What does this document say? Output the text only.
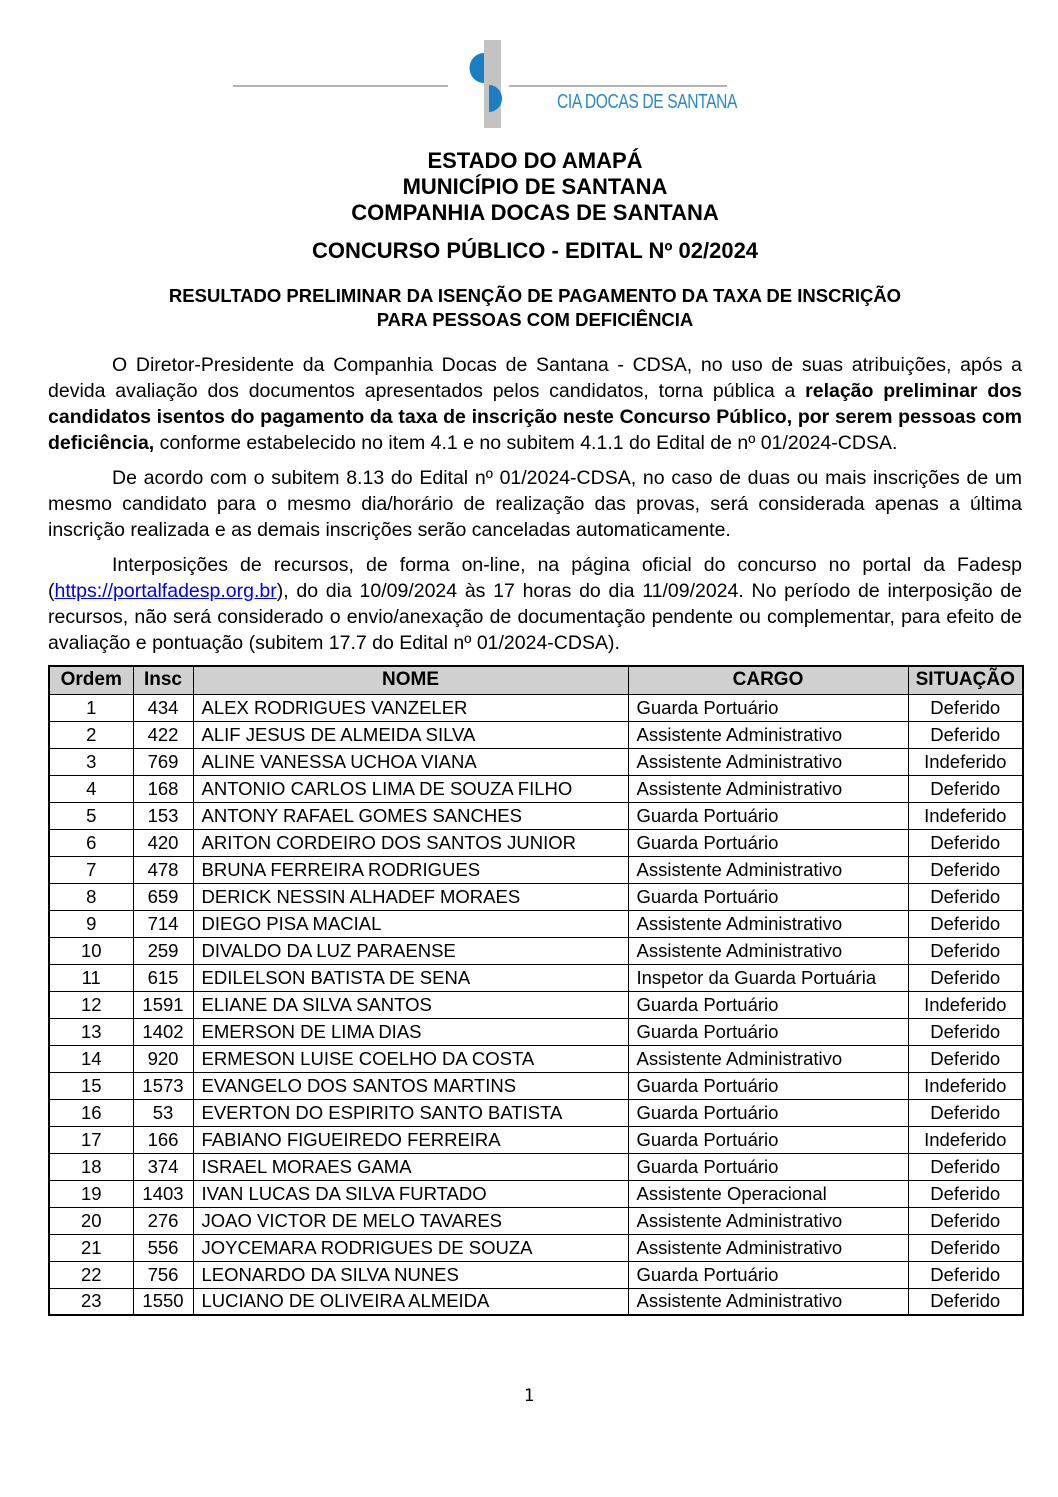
CIA DOCAS DE SANTANA
ESTADO DO AMAPÁ
MUNICÍPIO DE SANTANA
COMPANHIA DOCAS DE SANTANA
CONCURSO PÚBLICO - EDITAL Nº 02/2024
RESULTADO PRELIMINAR DA ISENÇÃO DE PAGAMENTO DA TAXA DE INSCRIÇÃO
PARA PESSOAS COM DEFICIÊNCIA

O Diretor-Presidente da Companhia Docas de Santana - CDSA, no uso de suas atribuições, após a devida avaliação dos documentos apresentados pelos candidatos, torna pública a relação preliminar dos candidatos isentos do pagamento da taxa de inscrição neste Concurso Público, por serem pessoas com deficiência, conforme estabelecido no item 4.1 e no subitem 4.1.1 do Edital de nº 01/2024-CDSA.

De acordo com o subitem 8.13 do Edital nº 01/2024-CDSA, no caso de duas ou mais inscrições de um mesmo candidato para o mesmo dia/horário de realização das provas, será considerada apenas a última inscrição realizada e as demais inscrições serão canceladas automaticamente.

Interposições de recursos, de forma on-line, na página oficial do concurso no portal da Fadesp (https://portalfadesp.org.br), do dia 10/09/2024 às 17 horas do dia 11/09/2024. No período de interposição de recursos, não será considerado o envio/anexação de documentação pendente ou complementar, para efeito de avaliação e pontuação (subitem 17.7 do Edital nº 01/2024-CDSA).

Ordem	Insc	NOME	CARGO	SITUAÇÃO
1	434	ALEX RODRIGUES VANZELER	Guarda Portuário	Deferido
2	422	ALIF JESUS DE ALMEIDA SILVA	Assistente Administrativo	Deferido
3	769	ALINE VANESSA UCHOA VIANA	Assistente Administrativo	Indeferido
4	168	ANTONIO CARLOS LIMA DE SOUZA FILHO	Assistente Administrativo	Deferido
5	153	ANTONY RAFAEL GOMES SANCHES	Guarda Portuário	Indeferido
6	420	ARITON CORDEIRO DOS SANTOS JUNIOR	Guarda Portuário	Deferido
7	478	BRUNA FERREIRA RODRIGUES	Assistente Administrativo	Deferido
8	659	DERICK NESSIN ALHADEF MORAES	Guarda Portuário	Deferido
9	714	DIEGO PISA MACIAL	Assistente Administrativo	Deferido
10	259	DIVALDO DA LUZ PARAENSE	Assistente Administrativo	Deferido
11	615	EDILELSON BATISTA DE SENA	Inspetor da Guarda Portuária	Deferido
12	1591	ELIANE DA SILVA SANTOS	Guarda Portuário	Indeferido
13	1402	EMERSON DE LIMA DIAS	Guarda Portuário	Deferido
14	920	ERMESON LUISE COELHO DA COSTA	Assistente Administrativo	Deferido
15	1573	EVANGELO DOS SANTOS MARTINS	Guarda Portuário	Indeferido
16	53	EVERTON DO ESPIRITO SANTO BATISTA	Guarda Portuário	Deferido
17	166	FABIANO FIGUEIREDO FERREIRA	Guarda Portuário	Indeferido
18	374	ISRAEL MORAES GAMA	Guarda Portuário	Deferido
19	1403	IVAN LUCAS DA SILVA FURTADO	Assistente Operacional	Deferido
20	276	JOAO VICTOR DE MELO TAVARES	Assistente Administrativo	Deferido
21	556	JOYCEMARA RODRIGUES DE SOUZA	Assistente Administrativo	Deferido
22	756	LEONARDO DA SILVA NUNES	Guarda Portuário	Deferido
23	1550	LUCIANO DE OLIVEIRA ALMEIDA	Assistente Administrativo	Deferido
1
